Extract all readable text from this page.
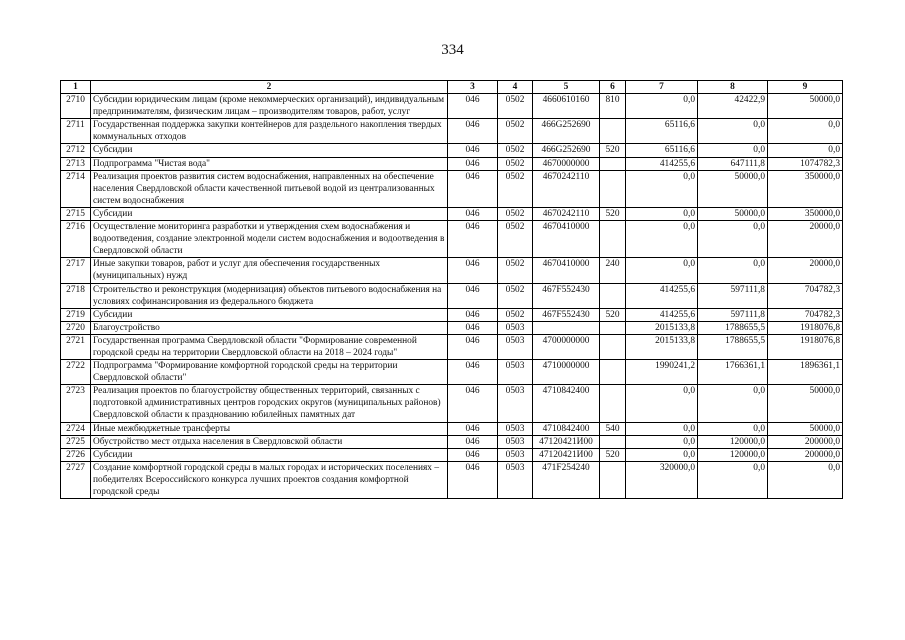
334
1	2	3	4	5	6	7	8	9
2710	Субсидии юридическим лицам (кроме некоммерческих организаций), индивидуальным предпринимателям, физическим лицам – производителям товаров, работ, услуг	046	0502	4660610160	810	0,0	42422,9	50000,0
2711	Государственная поддержка закупки контейнеров для раздельного накопления твердых коммунальных отходов	046	0502	466G252690		65116,6	0,0	0,0
2712	Субсидии	046	0502	466G252690	520	65116,6	0,0	0,0
2713	Подпрограмма "Чистая вода"	046	0502	4670000000		414255,6	647111,8	1074782,3
2714	Реализация проектов развития систем водоснабжения, направленных на обеспечение населения Свердловской области качественной питьевой водой из централизованных систем водоснабжения	046	0502	4670242110		0,0	50000,0	350000,0
2715	Субсидии	046	0502	4670242110	520	0,0	50000,0	350000,0
2716	Осуществление мониторинга разработки и утверждения схем водоснабжения и водоотведения, создание электронной модели систем водоснабжения и водоотведения в Свердловской области	046	0502	4670410000		0,0	0,0	20000,0
2717	Иные закупки товаров, работ и услуг для обеспечения государственных (муниципальных) нужд	046	0502	4670410000	240	0,0	0,0	20000,0
2718	Строительство и реконструкция (модернизация) объектов питьевого водоснабжения на условиях софинансирования из федерального бюджета	046	0502	467F552430		414255,6	597111,8	704782,3
2719	Субсидии	046	0502	467F552430	520	414255,6	597111,8	704782,3
2720	Благоустройство	046	0503			2015133,8	1788655,5	1918076,8
2721	Государственная программа Свердловской области "Формирование современной городской среды на территории Свердловской области на 2018 – 2024 годы"	046	0503	4700000000		2015133,8	1788655,5	1918076,8
2722	Подпрограмма "Формирование комфортной городской среды на территории Свердловской области"	046	0503	4710000000		1990241,2	1766361,1	1896361,1
2723	Реализация проектов по благоустройству общественных территорий, связанных с подготовкой административных центров городских округов (муниципальных районов) Свердловской области к празднованию юбилейных памятных дат	046	0503	4710842400		0,0	0,0	50000,0
2724	Иные межбюджетные трансферты	046	0503	4710842400	540	0,0	0,0	50000,0
2725	Обустройство мест отдыха населения в Свердловской области	046	0503	47120421И00		0,0	120000,0	200000,0
2726	Субсидии	046	0503	47120421И00	520	0,0	120000,0	200000,0
2727	Создание комфортной городской среды в малых городах и исторических поселениях – победителях Всероссийского конкурса лучших проектов создания комфортной городской среды	046	0503	471F254240		320000,0	0,0	0,0
